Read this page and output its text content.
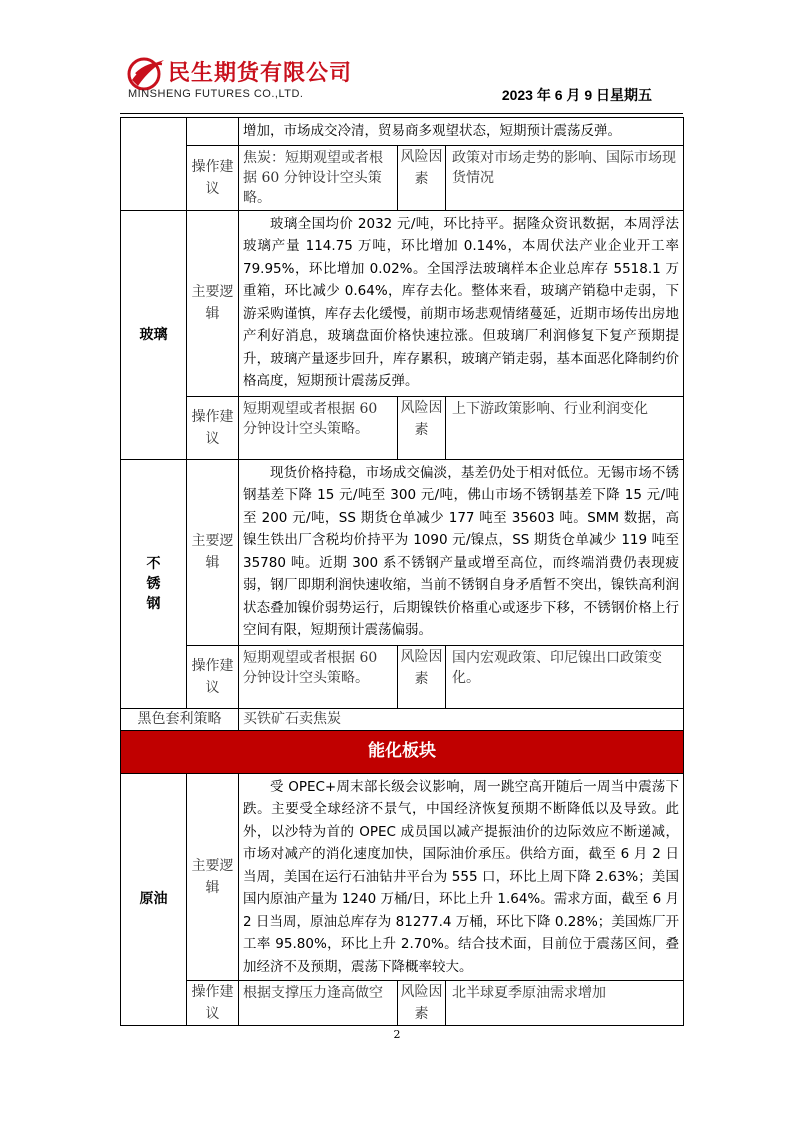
民生期货有限公司
MINSHENG FUTURES CO.,LTD.	2023 年 6 月 9 日星期五
		增加，市场成交冷清，贸易商多观望状态，短期预计震荡反弹。		
	操作建议	焦炭：短期观望或者根据 60 分钟设计空头策略。	风险因素	政策对市场走势的影响、国际市场现货情况
玻璃	主要逻辑	玻璃全国均价 2032 元/吨，环比持平。据隆众资讯数据，本周浮法玻璃产量 114.75 万吨，环比增加 0.14%，本周伏法产业企业开工率 79.95%，环比增加 0.02%。全国浮法玻璃样本企业总库存 5518.1 万重箱，环比减少 0.64%，库存去化。整体来看，玻璃产销稳中走弱，下游采购谨慎，库存去化缓慢，前期市场悲观情绪蔓延，近期市场传出房地产利好消息，玻璃盘面价格快速拉涨。但玻璃厂利润修复下复产预期提升，玻璃产量逐步回升，库存累积，玻璃产销走弱，基本面恶化降制约价格高度，短期预计震荡反弹。		
	操作建议	短期观望或者根据 60 分钟设计空头策略。	风险因素	上下游政策影响、行业利润变化

不锈钢	主要逻辑	现货价格持稳，市场成交偏淡，基差仍处于相对低位。无锡市场不锈钢基差下降 15 元/吨至 300 元/吨，佛山市场不锈钢基差下降 15 元/吨至 200 元/吨，SS 期货仓单减少 177 吨至 35603 吨。SMM 数据，高镍生铁出厂含税均价持平为 1090 元/镍点，SS 期货仓单减少 119 吨至 35780 吨。近期 300 系不锈钢产量或增至高位，而终端消费仍表现疲弱，钢厂即期利润快速收缩，当前不锈钢自身矛盾暂不突出，镍铁高利润状态叠加镍价弱势运行，后期镍铁价格重心或逐步下移，不锈钢价格上行空间有限，短期预计震荡偏弱。		
	操作建议	短期观望或者根据 60 分钟设计空头策略。	风险因素	国内宏观政策、印尼镍出口政策变化。
黑色套利策略		买铁矿石卖焦炭		
能化板块				
原油	主要逻辑	受 OPEC+周末部长级会议影响，周一跳空高开随后一周当中震荡下跌。主要受全球经济不景气，中国经济恢复预期不断降低以及导致。此外，以沙特为首的 OPEC 成员国以减产提振油价的边际效应不断递减，市场对减产的消化速度加快，国际油价承压。供给方面，截至 6 月 2 日当周，美国在运行石油钻井平台为 555 口，环比上周下降 2.63%；美国国内原油产量为 1240 万桶/日，环比上升 1.64%。需求方面，截至 6 月 2 日当周，原油总库存为 81277.4 万桶，环比下降 0.28%；美国炼厂开工率 95.80%，环比上升 2.70%。结合技术面，目前位于震荡区间，叠加经济不及预期，震荡下降概率较大。		
	操作建议	根据支撑压力逢高做空	风险因素	北半球夏季原油需求增加
2
